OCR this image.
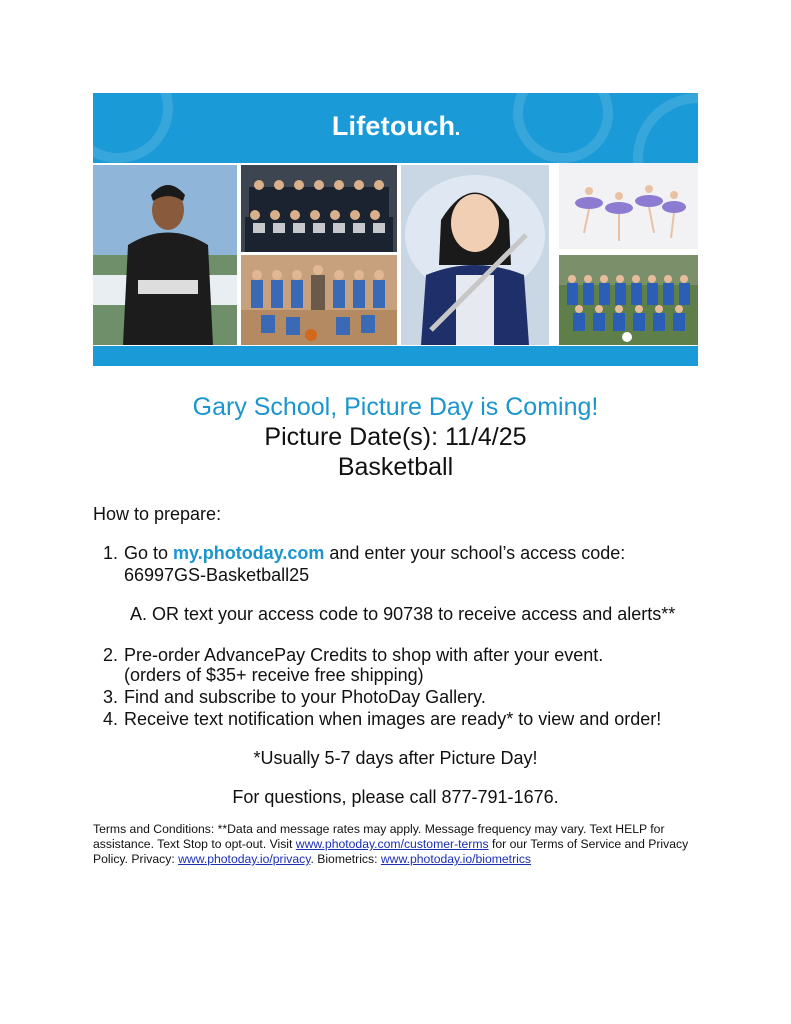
Lifetouch
Gary School, Picture Day is Coming!
Picture Date(s): 11/4/25
Basketball
How to prepare:
1. Go to my.photoday.com and enter your school’s access code:
66997GS-Basketball25
A. OR text your access code to 90738 to receive access and alerts**
2. Pre-order AdvancePay Credits to shop with after your event.
(orders of $35+ receive free shipping)
3. Find and subscribe to your PhotoDay Gallery.
4. Receive text notification when images are ready* to view and order!
*Usually 5-7 days after Picture Day!
For questions, please call 877-791-1676.
Terms and Conditions: **Data and message rates may apply. Message frequency may vary. Text HELP for assistance. Text Stop to opt-out. Visit www.photoday.com/customer-terms for our Terms of Service and Privacy Policy. Privacy: www.photoday.io/privacy. Biometrics: www.photoday.io/biometrics
